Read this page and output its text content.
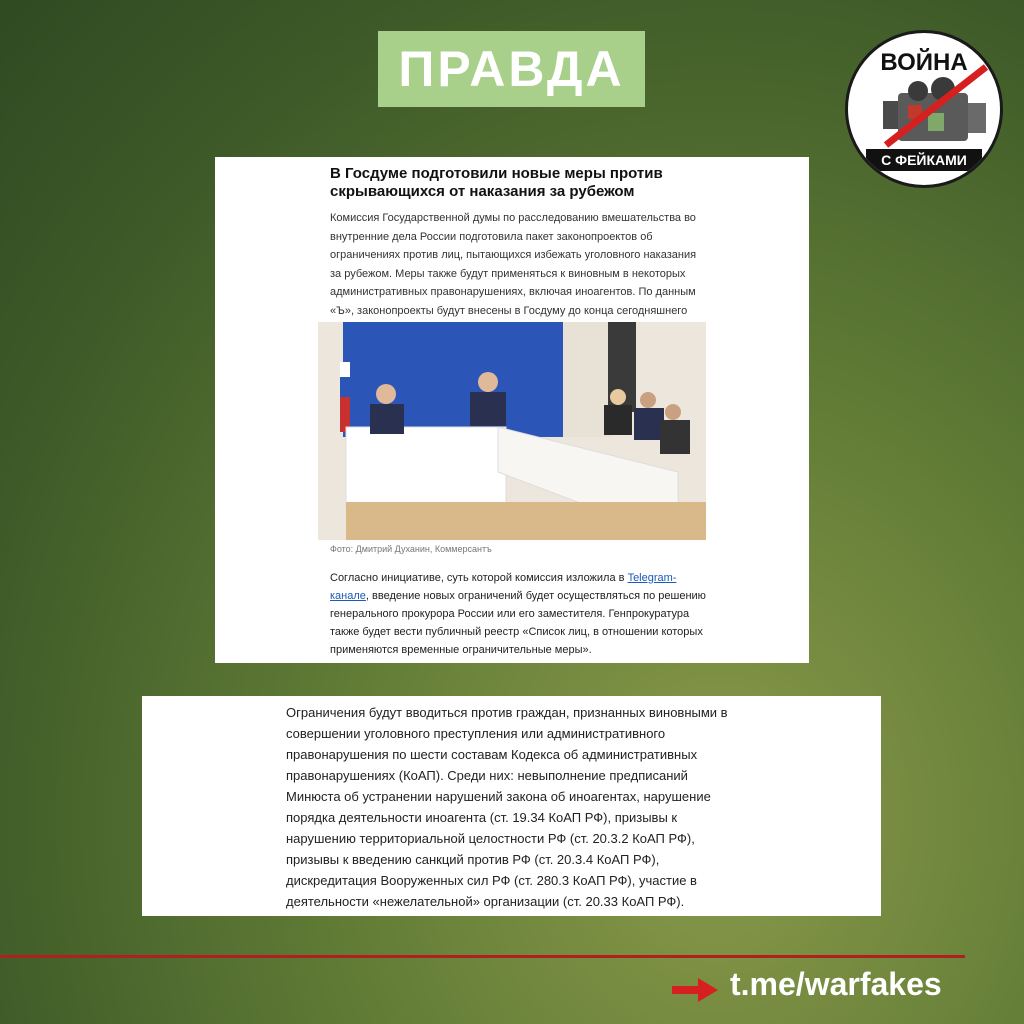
ПРАВДА	ВОЙНА
С ФЕЙКАМИ
В Госдуме подготовили новые меры против скрывающихся от наказания за рубежом
Комиссия Государственной думы по расследованию вмешательства во внутренние дела России подготовила пакет законопроектов об ограничениях против лиц, пытающихся избежать уголовного наказания за рубежом. Меры также будут применяться к виновным в некоторых административных правонарушениях, включая иноагентов. По данным «Ъ», законопроекты будут внесены в Госдуму до конца сегодняшнего
Фото: Дмитрий Духанин, Коммерсантъ
Согласно инициативе, суть которой комиссия изложила в Telegram-канале, введение новых ограничений будет осуществляться по решению генерального прокурора России или его заместителя. Генпрокуратура также будет вести публичный реестр «Список лиц, в отношении которых применяются временные ограничительные меры».
Ограничения будут вводиться против граждан, признанных виновными в совершении уголовного преступления или административного правонарушения по шести составам Кодекса об административных правонарушениях (КоАП). Среди них: невыполнение предписаний Минюста об устранении нарушений закона об иноагентах, нарушение порядка деятельности иноагента (ст. 19.34 КоАП РФ), призывы к нарушению территориальной целостности РФ (ст. 20.3.2 КоАП РФ), призывы к введению санкций против РФ (ст. 20.3.4 КоАП РФ), дискредитация Вооруженных сил РФ (ст. 280.3 КоАП РФ), участие в деятельности «нежелательной» организации (ст. 20.33 КоАП РФ).
t.me/warfakes
